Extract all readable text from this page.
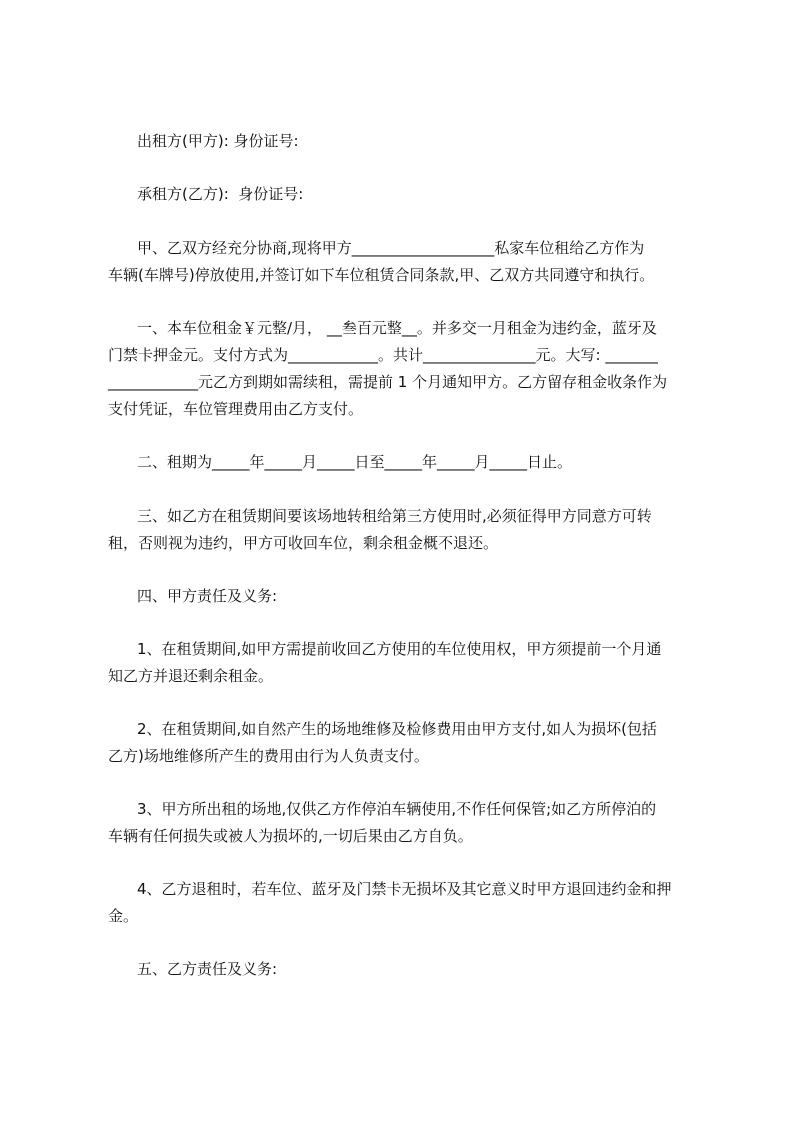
出租方(甲方): 身份证号:
承租方(乙方):  身份证号:
甲、乙双方经充分协商,现将甲方___________________私家车位租给乙方作为
车辆(车牌号)停放使用,并签订如下车位租赁合同条款,甲、乙双方共同遵守和执行。
一、本车位租金￥元整/月， __叁百元整__。并多交一月租金为违约金，蓝牙及
门禁卡押金元。支付方式为____________。共计_______________元。大写: _______
____________元乙方到期如需续租，需提前 1 个月通知甲方。乙方留存租金收条作为
支付凭证，车位管理费用由乙方支付。
二、租期为_____年_____月_____日至_____年_____月_____日止。
三、如乙方在租赁期间要该场地转租给第三方使用时,必须征得甲方同意方可转
租，否则视为违约，甲方可收回车位，剩余租金概不退还。
四、甲方责任及义务:
1、在租赁期间,如甲方需提前收回乙方使用的车位使用权，甲方须提前一个月通
知乙方并退还剩余租金。
2、在租赁期间,如自然产生的场地维修及检修费用由甲方支付,如人为损坏(包括
乙方)场地维修所产生的费用由行为人负责支付。
3、甲方所出租的场地,仅供乙方作停泊车辆使用,不作任何保管;如乙方所停泊的
车辆有任何损失或被人为损坏的,一切后果由乙方自负。
4、乙方退租时，若车位、蓝牙及门禁卡无损坏及其它意义时甲方退回违约金和押
金。
五、乙方责任及义务:
